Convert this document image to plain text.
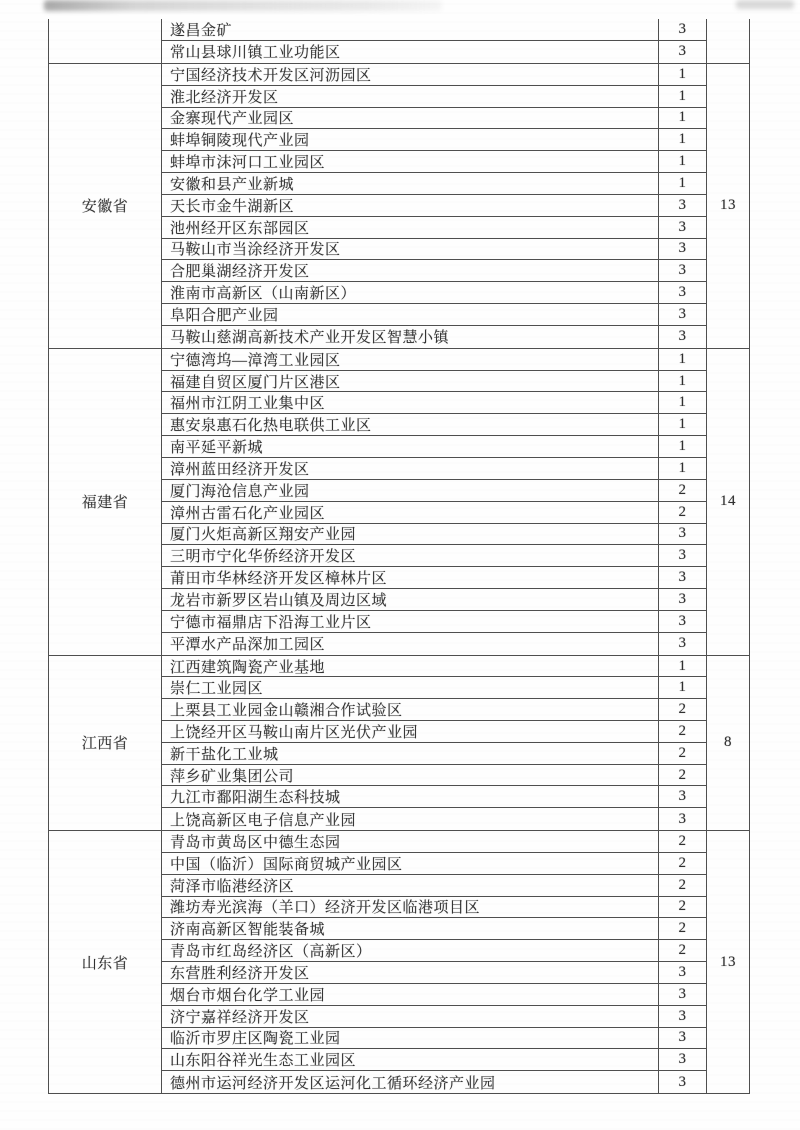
遂昌金矿	3
常山县球川镇工业功能区	3
安徽省
宁国经济技术开发区河沥园区	1
淮北经济开发区	1
金寨现代产业园区	1
蚌埠铜陵现代产业园	1
蚌埠市沫河口工业园区	1
安徽和县产业新城	1
天长市金牛湖新区	3
池州经开区东部园区	3
马鞍山市当涂经济开发区	3
合肥巢湖经济开发区	3
淮南市高新区（山南新区）	3
阜阳合肥产业园	3
马鞍山慈湖高新技术产业开发区智慧小镇	3
13
福建省
宁德湾坞—漳湾工业园区	1
福建自贸区厦门片区港区	1
福州市江阴工业集中区	1
惠安泉惠石化热电联供工业区	1
南平延平新城	1
漳州蓝田经济开发区	1
厦门海沧信息产业园	2
漳州古雷石化产业园区	2
厦门火炬高新区翔安产业园	3
三明市宁化华侨经济开发区	3
莆田市华林经济开发区樟林片区	3
龙岩市新罗区岩山镇及周边区域	3
宁德市福鼎店下沿海工业片区	3
平潭水产品深加工园区	3
14
江西省
江西建筑陶瓷产业基地	1
崇仁工业园区	1
上栗县工业园金山赣湘合作试验区	2
上饶经开区马鞍山南片区光伏产业园	2
新干盐化工业城	2
萍乡矿业集团公司	2
九江市鄱阳湖生态科技城	3
上饶高新区电子信息产业园	3
8
山东省
青岛市黄岛区中德生态园	2
中国（临沂）国际商贸城产业园区	2
菏泽市临港经济区	2
潍坊寿光滨海（羊口）经济开发区临港项目区	2
济南高新区智能装备城	2
青岛市红岛经济区（高新区）	2
东营胜利经济开发区	3
烟台市烟台化学工业园	3
济宁嘉祥经济开发区	3
临沂市罗庄区陶瓷工业园	3
山东阳谷祥光生态工业园区	3
德州市运河经济开发区运河化工循环经济产业园	3
13
